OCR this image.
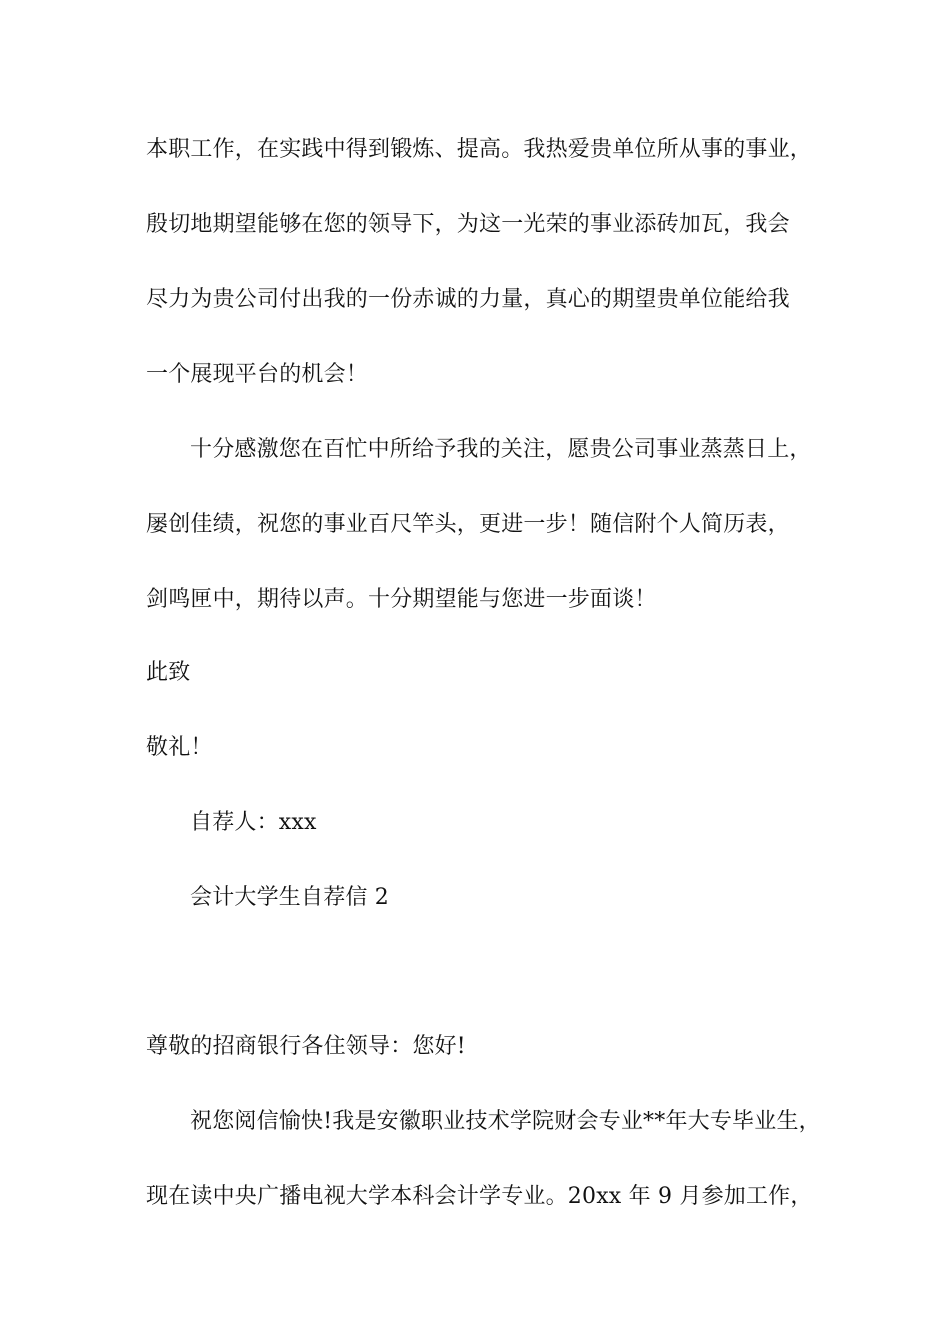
本职工作，在实践中得到锻炼、提高。我热爱贵单位所从事的事业，
殷切地期望能够在您的领导下，为这一光荣的事业添砖加瓦，我会
尽力为贵公司付出我的一份赤诚的力量，真心的期望贵单位能给我
一个展现平台的机会！
十分感激您在百忙中所给予我的关注，愿贵公司事业蒸蒸日上，
屡创佳绩，祝您的事业百尺竿头，更进一步！随信附个人简历表，
剑鸣匣中，期待以声。十分期望能与您进一步面谈！
此致
敬礼！
自荐人：xxx
会计大学生自荐信 2
尊敬的招商银行各住领导：您好!
祝您阅信愉快!我是安徽职业技术学院财会专业**年大专毕业生，
现在读中央广播电视大学本科会计学专业。20xx 年 9 月参加工作，
